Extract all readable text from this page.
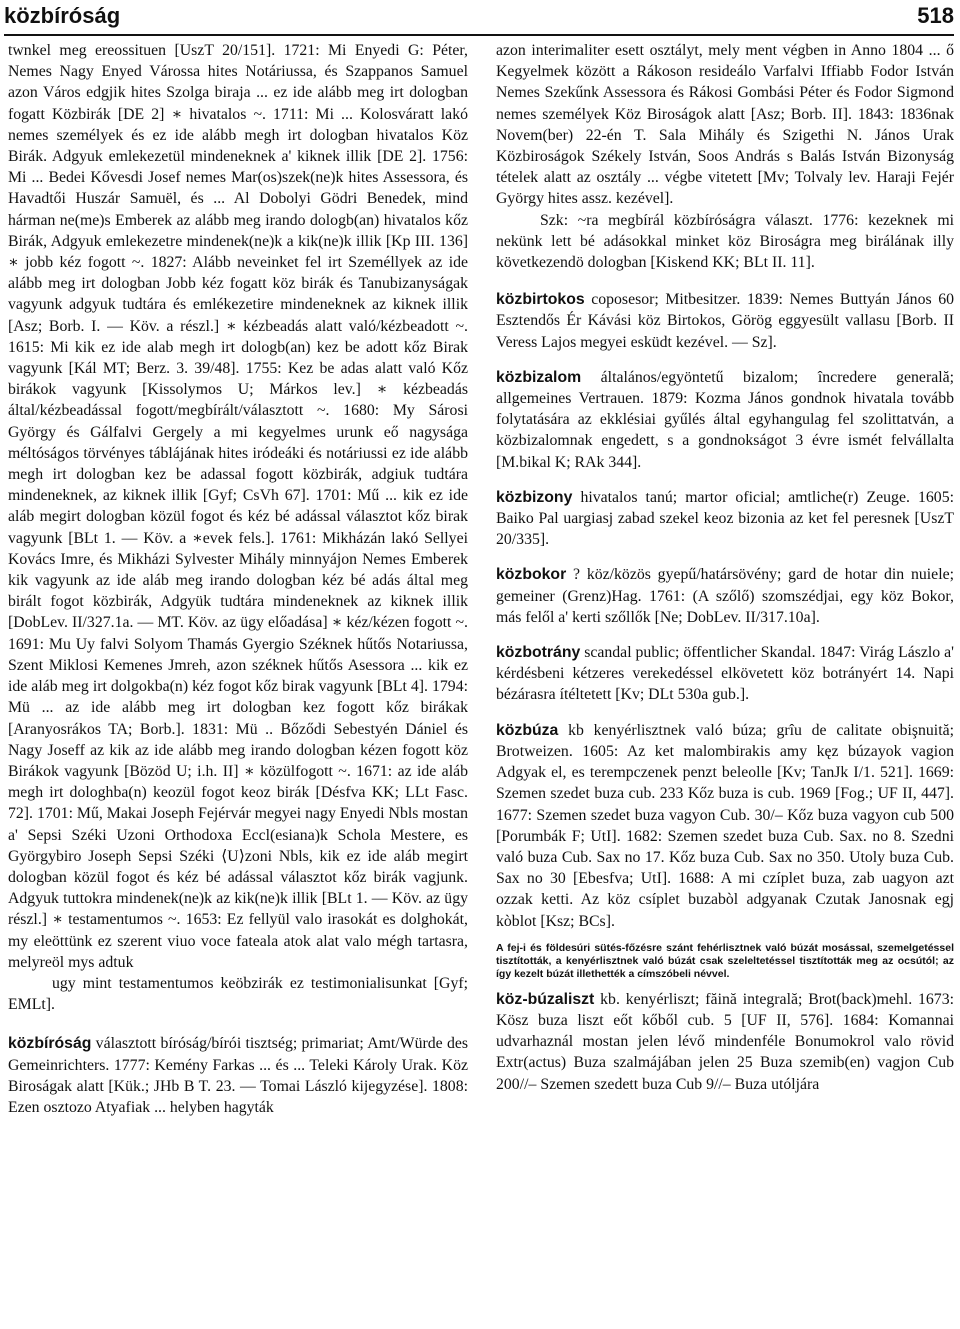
közbíróság	518

twnkel meg ereossituen [UszT 20/151]. 1721: Mi Enyedi G: Péter, Nemes Nagy Enyed Várossa hites Notáriussa, és Szappanos Samuel azon Város edgjik hites Szolga biraja ... ez ide alább meg irt dologban fogatt Közbirák [DE 2] ∗ hivatalos ~. 1711: Mi ... Kolosváratt lakó nemes személyek és ez ide alább megh irt dologban hivatalos Köz Birák. Adgyuk emlekezetül mindeneknek a' kiknek illik [DE 2]. 1756: Mi ... Bedei Kővesdi Josef nemes Mar(os)szek(ne)k hites Assessora, és Havadtői Huszár Samuël, és ... Al Dobolyi Gödri Benedek, mind hárman ne(me)s Emberek az alább meg irando dologb(an) hivatalos kőz Birák, Adgyuk emlekezetre mindenek(ne)k a kik(ne)k illik [Kp III. 136] ∗ jobb kéz fogott ~. 1827: Alább neveinket fel irt Személlyek az ide alább meg irt dologban Jobb kéz fogatt köz birák és Tanubizanyságak vagyunk adgyuk tudtára és emlékezetire mindeneknek az kiknek illik [Asz; Borb. I. — Köv. a részl.] ∗ kézbeadás alatt való/kézbeadott ~. 1615: Mi kik ez ide alab megh irt dologb(an) kez be adott kőz Birak vagyunk [Kál MT; Berz. 3. 39/48]. 1755: Kez be adas alatt való Kőz birákok vagyunk [Kissolymos U; Márkos lev.] ∗ kézbeadás által/kézbeadással fogott/megbírált/választott ~. 1680: My Sárosi György és Gálfalvi Gergely a mi kegyelmes urunk eő nagysága méltóságos törvényes táblájának hites iródeáki és notáriussi ez ide alább megh irt dologban kez be adassal fogott közbirák, adgiuk tudtára mindeneknek, az kiknek illik [Gyf; CsVh 67]. 1701: Mű ... kik ez ide aláb megirt dologban közül fogot és kéz bé adással választot kőz birak vagyunk [BLt 1. — Köv. a ∗evek fels.]. 1761: Mikházán lakó Sellyei Kovács Imre, és Mikházi Sylvester Mihály minnyájon Nemes Emberek kik vagyunk az ide aláb meg irando dologban kéz bé adás által meg birált fogot közbirák, Adgyük tudtára mindeneknek az kiknek illik [DobLev. II/327.1a. — MT. Köv. az ügy előadása] ∗ kéz/kézen fogott ~. 1691: Mu Uy falvi Solyom Thamás Gyergio Széknek hűtős Notariussa, Szent Miklosi Kemenes Jmreh, azon széknek hűtős Asessora ... kik ez ide aláb meg irt dolgokba(n) kéz fogot kőz birak vagyunk [BLt 4]. 1794: Mü ... az ide alább meg irt dologban kez fogott kőz birákak [Aranyosrákos TA; Borb.]. 1831: Mü .. Bőződi Sebestyén Dániel és Nagy Joseff az kik az ide alább meg irando dologban kézen fogott köz Birákok vagyunk [Bözöd U; i.h. II] ∗ közülfogott ~. 1671: az ide aláb megh irt dologhba(n) keozül fogot keoz birák [Désfva KK; LLt Fasc. 72]. 1701: Mű, Makai Joseph Fejérvár megyei nagy Enyedi Nbls mostan a' Sepsi Széki Uzoni Orthodoxa Eccl(esiana)k Schola Mestere, es Györgybiro Joseph Sepsi Széki ⟨U⟩zoni Nbls, kik ez ide aláb megirt dologban közül fogot és kéz bé adással választot kőz birák vagjunk. Adgyuk tuttokra mindenek(ne)k az kik(ne)k illik [BLt 1. — Köv. az ügy részl.] ∗ testamentumos ~. 1653: Ez fellyül valo irasokát es dolghokát, my eleöttünk ez szerent viuo voce fateala atok alat valo mégh tartasra, melyreöl mys adtuk

ugy mint testamentumos keöbzirák ez testimonialisunkat [Gyf; EMLt].

közbíróság választott bíróság/bírói tisztség; primariat; Amt/Würde des Gemeinrichters. 1777: Kemény Farkas ... és ... Teleki Károly Urak. Köz Biroságak alatt [Kük.; JHb B T. 23. — Tomai László kijegyzése]. 1808: Ezen osztozo Atyafiak ... helyben hagyták

azon interimaliter esett osztályt, mely ment végben in Anno 1804 ... ő Kegyelmek között a Rákoson resideálo Varfalvi Iffiabb Fodor István Nemes Szekűnk Assessora és Rákosi Gombási Péter és Fodor Sigmond nemes személyek Köz Biroságok alatt [Asz; Borb. II]. 1843: 1836nak Novem(ber) 22-én T. Sala Mihály és Szigethi N. János Urak Közbiroságok Székely István, Soos András s Balás István Bizonyság tételek alatt az osztály ... végbe vitetett [Mv; Tolvaly lev. Haraji Fejér György hites assz. kezével].

Szk: ~ra megbírál közbíróságra választ. 1776: kezeknek mi nekünk lett bé adásokkal minket köz Biroságra meg birálának illy következendö dologban [Kiskend KK; BLt II. 11].

közbirtokos coposesor; Mitbesitzer. 1839: Nemes Buttyán János 60 Esztendős Ér Kávási köz Birtokos, Görög eggyesült vallasu [Borb. II Veress Lajos megyei esküdt kezével. — Sz].

közbizalom általános/egyöntetű bizalom; încredere generală; allgemeines Vertrauen. 1879: Kozma János gondnok hivatala tovább folytatására az ekklésiai gyűlés által egyhangulag fel szolittatván, a közbizalomnak engedett, s a gondnokságot 3 évre ismét felvállalta [M.bikal K; RAk 344].

közbizony hivatalos tanú; martor oficial; amtliche(r) Zeuge. 1605: Baiko Pal uargiasj zabad szekel keoz bizonia az ket fel peresnek [UszT 20/335].

közbokor ? köz/közös gyepű/határsövény; gard de hotar din nuiele; gemeiner (Grenz)Hag. 1761: (A szőlő) szomszédjai, egy köz Bokor, más felől a' kerti szőllők [Ne; DobLev. II/317.10a].

közbotrány scandal public; öffentlicher Skandal. 1847: Virág Lászlo a' kérdésbeni kétzeres verekedéssel elkövetett köz botrányért 14. Napi bézárasra ítéltetett [Kv; DLt 530a gub.].

közbúza kb kenyérlisztnek való búza; grîu de calitate obişnuită; Brotweizen. 1605: Az ket malombirakis amy kęz búzayok vagion Adgyak el, es terempczenek penzt beleolle [Kv; TanJk I/1. 521]. 1669: Szemen szedet buza cub. 233 Kőz buza is cub. 1969 [Fog.; UF II, 447]. 1677: Szemen szedet buza vagyon Cub. 30/– Kőz buza vagyon cub 500 [Porumbák F; UtI]. 1682: Szemen szedet buza Cub. Sax. no 8. Szedni való buza Cub. Sax no 17. Kőz buza Cub. Sax no 350. Utoly buza Cub. Sax no 30 [Ebesfva; UtI]. 1688: A mi czíplet buza, zab uagyon azt ozzak ketti. Az köz csíplet buzabòl adgyanak Czutak Janosnak egj kòblot [Ksz; BCs].

A fej-i és földesúri sütés-főzésre szánt fehérlisztnek való búzát mosással, szemelgetéssel tisztították, a kenyérlisztnek való búzát csak szeleltetéssel tisztították meg az ocsútól; az így kezelt búzát illethették a címszóbeli névvel.

köz-búzaliszt kb. kenyérliszt; făină integrală; Brot(back)mehl. 1673: Kösz buza liszt eőt kőből cub. 5 [UF II, 576]. 1684: Komannai udvarhaznál mostan jelen lévő mindenféle Bonumokrol valo rövid Extr(actus) Buza szalmájában jelen 25 Buza szemib(en) vagjon Cub 200//– Szemen szedett buza Cub 9//– Buza utóljára
